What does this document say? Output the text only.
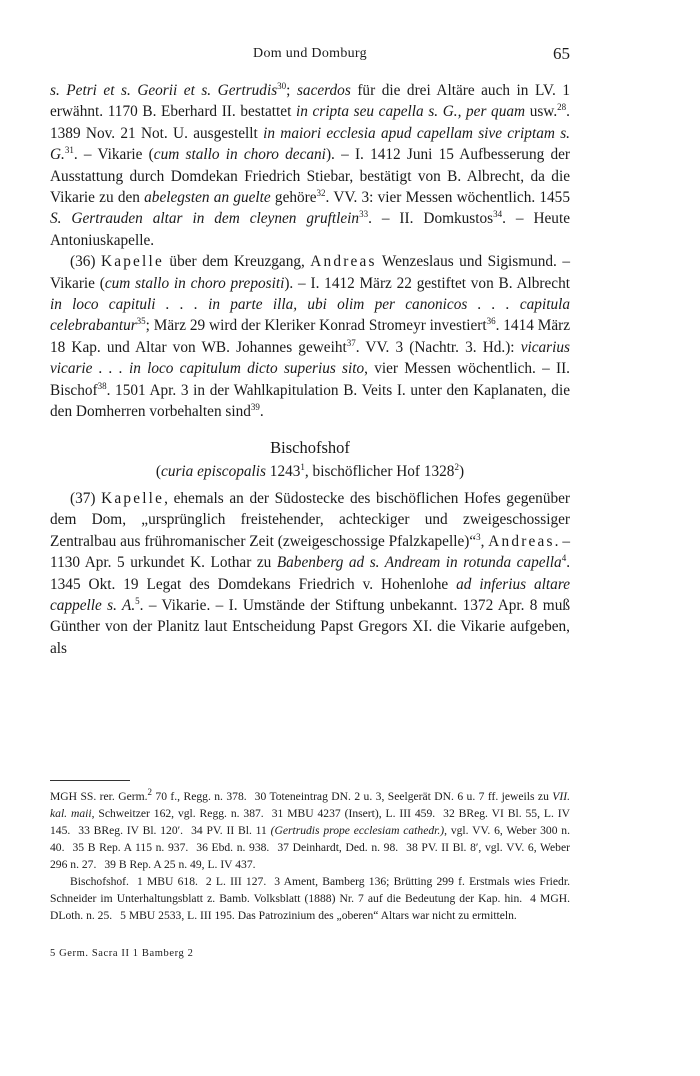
Dom und Domburg	65

s. Petri et s. Georii et s. Gertrudis$^{30}$; sacerdos für die drei Altäre auch in LV. 1 erwähnt. 1170 B. Eberhard II. bestattet in cripta seu capella s. G., per quam usw.$^{28}$. 1389 Nov. 21 Not. U. ausgestellt in maiori ecclesia apud capellam sive criptam s. G.$^{31}$. – Vikarie (cum stallo in choro decani). – I. 1412 Juni 15 Aufbesserung der Ausstattung durch Domdekan Friedrich Stiebar, bestätigt von B. Albrecht, da die Vikarie zu den abelegsten an guelte gehöre$^{32}$. VV. 3: vier Messen wöchentlich. 1455 S. Gertrauden altar in dem cleynen gruftlein$^{33}$. – II. Domkustos$^{34}$. – Heute Antoniuskapelle.

(36) Kapelle über dem Kreuzgang, Andreas Wenzeslaus und Sigismund. – Vikarie (cum stallo in choro prepositi). – I. 1412 März 22 gestiftet von B. Albrecht in loco capituli . . . in parte illa, ubi olim per canonicos . . . capitula celebrabantur$^{35}$; März 29 wird der Kleriker Konrad Stromeyr investiert$^{36}$. 1414 März 18 Kap. und Altar von WB. Johannes geweiht$^{37}$. VV. 3 (Nachtr. 3. Hd.): vicarius vicarie . . . in loco capitulum dicto superius sito, vier Messen wöchentlich. – II. Bischof$^{38}$. 1501 Apr. 3 in der Wahlkapitulation B. Veits I. unter den Kaplanaten, die den Domherren vorbehalten sind$^{39}$.

Bischofshof
(curia episcopalis 1243$^1$, bischöflicher Hof 1328$^2$)

(37) Kapelle, ehemals an der Südostecke des bischöflichen Hofes gegenüber dem Dom, „ursprünglich freistehender, achteckiger und zweigeschossiger Zentralbau aus frühromanischer Zeit (zweigeschossige Pfalzkapelle)“$^3$, Andreas. – 1130 Apr. 5 urkundet K. Lothar zu Babenberg ad s. Andream in rotunda capella$^4$. 1345 Okt. 19 Legat des Domdekans Friedrich v. Hohenlohe ad inferius altare cappelle s. A.$^5$. – Vikarie. – I. Umstände der Stiftung unbekannt. 1372 Apr. 8 muß Günther von der Planitz laut Entscheidung Papst Gregors XI. die Vikarie aufgeben, als

MGH SS. rer. Germ.$^2$ 70 f., Regg. n. 378. 30 Toteneintrag DN. 2 u. 3, Seelgerät DN. 6 u. 7 ff. jeweils zu VII. kal. maii, Schweitzer 162, vgl. Regg. n. 387. 31 MBU 4237 (Insert), L. III 459. 32 BReg. VI Bl. 55, L. IV 145. 33 BReg. IV Bl. 120′. 34 PV. II Bl. 11 (Gertrudis prope ecclesiam cathedr.), vgl. VV. 6, Weber 300 n. 40. 35 B Rep. A 115 n. 937. 36 Ebd. n. 938. 37 Deinhardt, Ded. n. 98. 38 PV. II Bl. 8′, vgl. VV. 6, Weber 296 n. 27. 39 B Rep. A 25 n. 49, L. IV 437.

Bischofshof. 1 MBU 618. 2 L. III 127. 3 Ament, Bamberg 136; Brütting 299 f. Erstmals wies Friedr. Schneider im Unterhaltungsblatt z. Bamb. Volksblatt (1888) Nr. 7 auf die Bedeutung der Kap. hin. 4 MGH. DLoth. n. 25. 5 MBU 2533, L. III 195. Das Patrozinium des „oberen“ Altars war nicht zu ermitteln.

5 Germ. Sacra II 1 Bamberg 2
